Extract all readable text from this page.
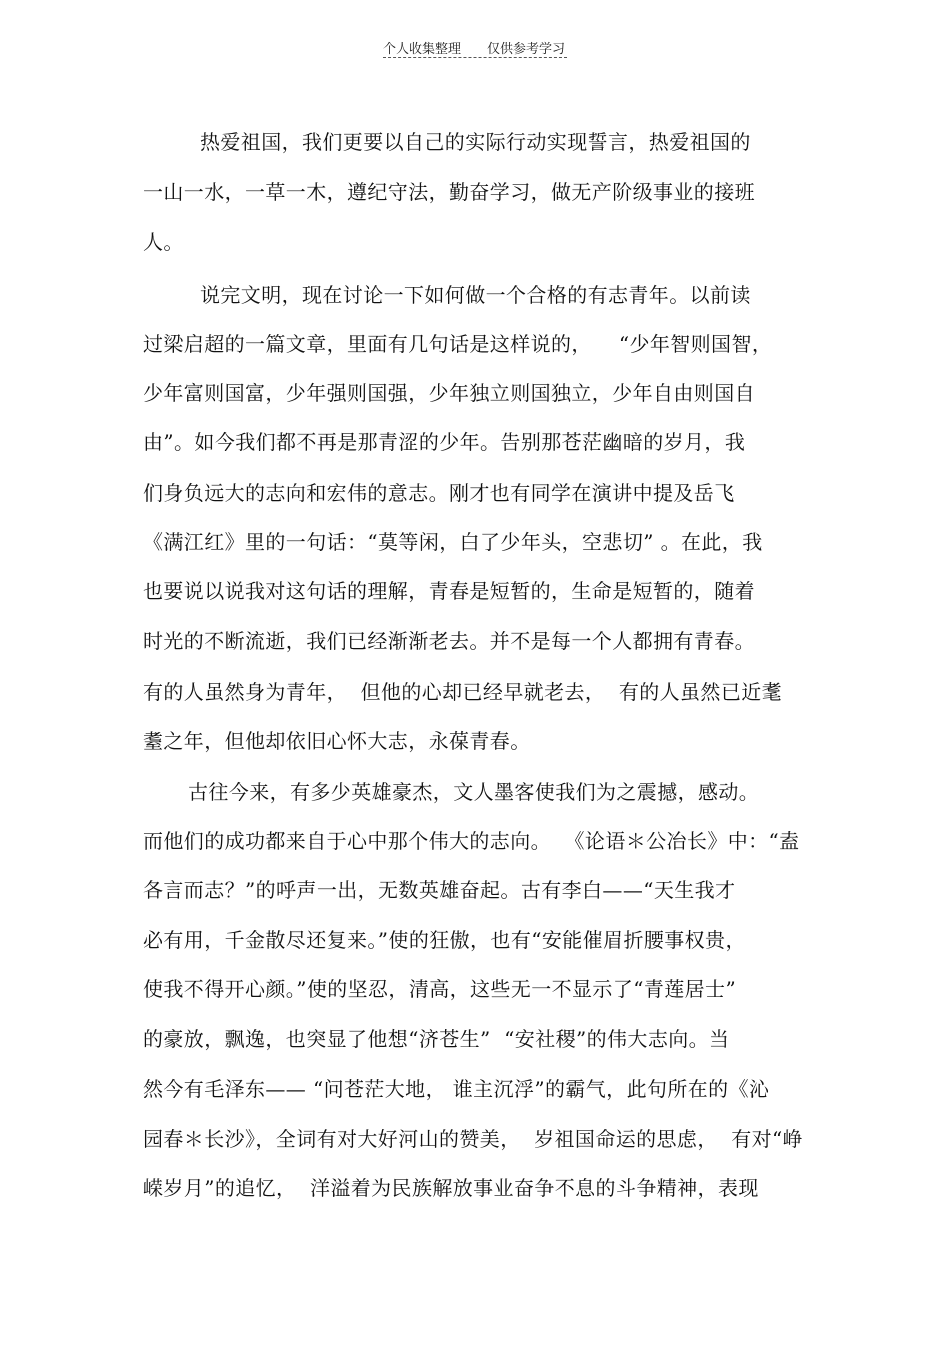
个人收集整理 仅供参考学习
热爱祖国，我们更要以自己的实际行动实现誓言，热爱祖国的
一山一水，一草一木，遵纪守法，勤奋学习，做无产阶级事业的接班
人。
说完文明，现在讨论一下如何做一个合格的有志青年。以前读
过梁启超的一篇文章，里面有几句话是这样说的，    “少年智则国智，
少年富则国富，少年强则国强，少年独立则国独立，少年自由则国自
由”。如今我们都不再是那青涩的少年。告别那苍茫幽暗的岁月，我
们身负远大的志向和宏伟的意志。刚才也有同学在演讲中提及岳飞
《满江红》里的一句话：“莫等闲，白了少年头，空悲切” 。在此，我
也要说以说我对这句话的理解，青春是短暂的，生命是短暂的，随着
时光的不断流逝，我们已经渐渐老去。并不是每一个人都拥有青春。
有的人虽然身为青年，  但他的心却已经早就老去，  有的人虽然已近耄
耋之年，但他却依旧心怀大志，永葆青春。
古往今来，有多少英雄豪杰，文人墨客使我们为之震撼，感动。
而他们的成功都来自于心中那个伟大的志向。  《论语＊公冶长》中：“盍
各言而志？”的呼声一出，无数英雄奋起。古有李白——“天生我才
必有用，千金散尽还复来。”使的狂傲，也有“安能催眉折腰事权贵，
使我不得开心颜。”使的坚忍，清高，这些无一不显示了“青莲居士”
的豪放，飘逸，也突显了他想“济苍生”  “安社稷”的伟大志向。当
然今有毛泽东—— “问苍茫大地， 谁主沉浮”的霸气，此句所在的《沁
园春＊长沙》，全词有对大好河山的赞美，  岁祖国命运的思虑，  有对“峥
嵘岁月”的追忆，  洋溢着为民族解放事业奋争不息的斗争精神，表现
